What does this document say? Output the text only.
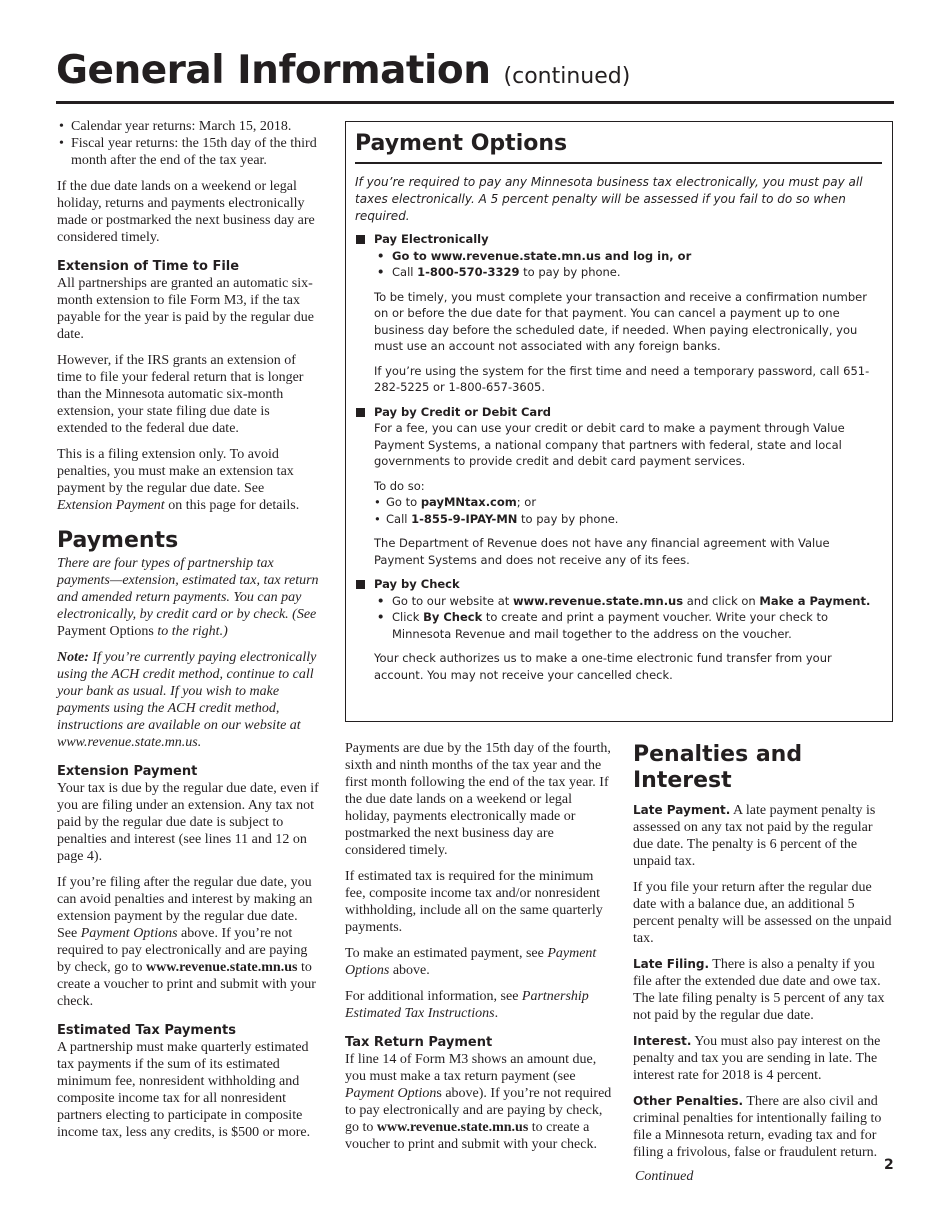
General Information (continued)
• Calendar year returns: March 15, 2018.
• Fiscal year returns: the 15th day of the third month after the end of the tax year.

If the due date lands on a weekend or legal holiday, returns and payments electronically made or postmarked the next business day are considered timely.

Extension of Time to File

All partnerships are granted an automatic six-month extension to file Form M3, if the tax payable for the year is paid by the regular due date.

However, if the IRS grants an extension of time to file your federal return that is longer than the Minnesota automatic six-month extension, your state filing due date is extended to the federal due date.

This is a filing extension only. To avoid penalties, you must make an extension tax payment by the regular due date. See Extension Payment on this page for details.

Payments

There are four types of partnership tax payments—extension, estimated tax, tax return and amended return payments. You can pay electronically, by credit card or by check. (See Payment Options to the right.)

Note: If you’re currently paying electronically using the ACH credit method, continue to call your bank as usual. If you wish to make payments using the ACH credit method, instructions are available on our website at www.revenue.state.mn.us.

Extension Payment

Your tax is due by the regular due date, even if you are filing under an extension. Any tax not paid by the regular due date is subject to penalties and interest (see lines 11 and 12 on page 4).

If you’re filing after the regular due date, you can avoid penalties and interest by making an extension payment by the regular due date. See Payment Options above. If you’re not required to pay electronically and are paying by check, go to www.revenue.state.mn.us to create a voucher to print and submit with your check.

Estimated Tax Payments

A partnership must make quarterly estimated tax payments if the sum of its estimated minimum fee, nonresident withholding and composite income tax for all nonresident partners electing to participate in composite income tax, less any credits, is $500 or more.

Payment Options

If you’re required to pay any Minnesota business tax electronically, you must pay all taxes electronically. A 5 percent penalty will be assessed if you fail to do so when required.

Pay Electronically
• Go to www.revenue.state.mn.us and log in, or
• Call 1-800-570-3329 to pay by phone.

To be timely, you must complete your transaction and receive a confirmation number on or before the due date for that payment. You can cancel a payment up to one business day before the scheduled date, if needed. When paying electronically, you must use an account not associated with any foreign banks.

If you’re using the system for the first time and need a temporary password, call 651-282-5225 or 1-800-657-3605.

Pay by Credit or Debit Card

For a fee, you can use your credit or debit card to make a payment through Value Payment Systems, a national company that partners with federal, state and local governments to provide credit and debit card payment services.

To do so:
• Go to payMNtax.com; or
• Call 1-855-9-IPAY-MN to pay by phone.

The Department of Revenue does not have any financial agreement with Value Payment Systems and does not receive any of its fees.

Pay by Check
• Go to our website at www.revenue.state.mn.us and click on Make a Payment.
• Click By Check to create and print a payment voucher. Write your check to Minnesota Revenue and mail together to the address on the voucher.

Your check authorizes us to make a one-time electronic fund transfer from your account. You may not receive your cancelled check.

Payments are due by the 15th day of the fourth, sixth and ninth months of the tax year and the first month following the end of the tax year. If the due date lands on a weekend or legal holiday, payments electronically made or postmarked the next business day are considered timely.

If estimated tax is required for the minimum fee, composite income tax and/or nonresident withholding, include all on the same quarterly payments.

To make an estimated payment, see Payment Options above.

For additional information, see Partnership Estimated Tax Instructions.

Tax Return Payment

If line 14 of Form M3 shows an amount due, you must make a tax return payment (see Payment Options above). If you’re not required to pay electronically and are paying by check, go to www.revenue.state.mn.us to create a voucher to print and submit with your check.

Penalties and Interest

Late Payment. A late payment penalty is assessed on any tax not paid by the regular due date. The penalty is 6 percent of the unpaid tax.

If you file your return after the regular due date with a balance due, an additional 5 percent penalty will be assessed on the unpaid tax.

Late Filing. There is also a penalty if you file after the extended due date and owe tax. The late filing penalty is 5 percent of any tax not paid by the regular due date.

Interest. You must also pay interest on the penalty and tax you are sending in late. The interest rate for 2018 is 4 percent.

Other Penalties. There are also civil and criminal penalties for intentionally failing to file a Minnesota return, evading tax and for filing a frivolous, false or fraudulent return.

Continued

2
